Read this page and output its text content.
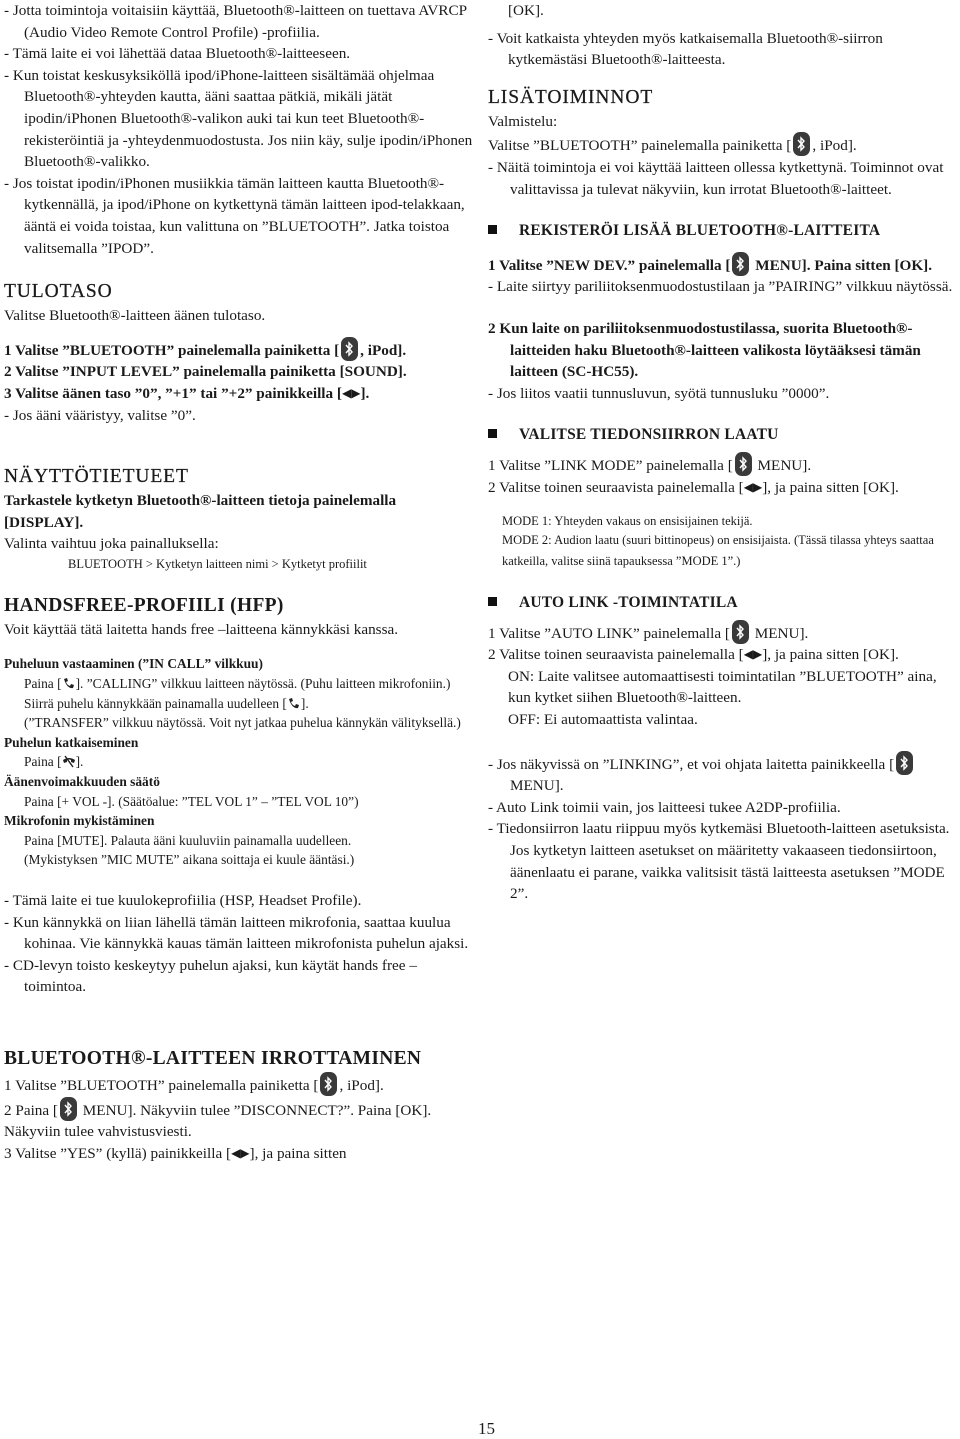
- Jotta toimintoja voitaisiin käyttää, Bluetooth®-laitteen on tuettava AVRCP (Audio Video Remote Control Profile) -profiilia.

- Tämä laite ei voi lähettää dataa Bluetooth®-laitteeseen.

- Kun toistat keskusyksiköllä ipod/iPhone-laitteen sisältämää ohjelmaa Bluetooth®-yhteyden kautta, ääni saattaa pätkiä, mikäli jätät ipodin/iPhonen Bluetooth®-valikon auki tai kun teet Bluetooth®-rekisteröintiä ja -yhteydenmuodostusta. Jos niin käy, sulje ipodin/iPhonen Bluetooth®-valikko.

- Jos toistat ipodin/iPhonen musiikkia tämän laitteen kautta Bluetooth®-kytkennällä, ja ipod/iPhone on kytkettynä tämän laitteen ipod-telakkaan, ääntä ei voida toistaa, kun valittuna on ”BLUETOOTH”. Jatka toistoa valitsemalla ”IPOD”.

TULOTASO

Valitse Bluetooth®-laitteen äänen tulotaso.

1 Valitse ”BLUETOOTH” painelemalla painiketta [ , iPod].

2 Valitse ”INPUT LEVEL” painelemalla painiketta [SOUND].

3 Valitse äänen taso ”0”, ”+1” tai ”+2” painikkeilla [◀▶].

- Jos ääni vääristyy, valitse ”0”.

NÄYTTÖTIETUEET

Tarkastele kytketyn Bluetooth®-laitteen tietoja painelemalla [DISPLAY].

Valinta vaihtuu joka painalluksella:

BLUETOOTH > Kytketyn laitteen nimi > Kytketyt profiilit

HANDSFREE-PROFIILI (HFP)

Voit käyttää tätä laitetta hands free –laitteena kännykkäsi kanssa.

Puheluun vastaaminen (”IN CALL” vilkkuu)

Paina [ ]. ”CALLING” vilkkuu laitteen näytössä. (Puhu laitteen mikrofoniin.)

Siirrä puhelu kännykkään painamalla uudelleen [ ].

(”TRANSFER” vilkkuu näytössä. Voit nyt jatkaa puhelua kännykän välityksellä.)

Puhelun katkaiseminen

Paina [ ].

Äänenvoimakkuuden säätö

Paina [+ VOL -]. (Säätöalue: ”TEL VOL 1” – ”TEL VOL 10”)

Mikrofonin mykistäminen

Paina [MUTE]. Palauta ääni kuuluviin painamalla uudelleen.

(Mykistyksen ”MIC MUTE” aikana soittaja ei kuule ääntäsi.)

- Tämä laite ei tue kuulokeprofiilia (HSP, Headset Profile).

- Kun kännykkä on liian lähellä tämän laitteen mikrofonia, saattaa kuulua kohinaa. Vie kännykkä kauas tämän laitteen mikrofonista puhelun ajaksi.

- CD-levyn toisto keskeytyy puhelun ajaksi, kun käytät hands free –toimintoa.

BLUETOOTH®-LAITTEEN IRROTTAMINEN

1 Valitse ”BLUETOOTH” painelemalla painiketta [ , iPod].

2 Paina [
MENU]. Näkyviin tulee ”DISCONNECT?”. Paina [OK].

Näkyviin tulee vahvistusviesti.

3 Valitse ”YES” (kyllä) painikkeilla [◀▶], ja paina sitten

[OK].

- Voit katkaista yhteyden myös katkaisemalla Bluetooth®-siirron kytkemästäsi Bluetooth®-laitteesta.

LISÄTOIMINNOT

Valmistelu:

Valitse ”BLUETOOTH” painelemalla painiketta [ , iPod].

- Näitä toimintoja ei voi käyttää laitteen ollessa kytkettynä. Toiminnot ovat valittavissa ja tulevat näkyviin, kun irrotat Bluetooth®-laitteet.

REKISTERÖI LISÄÄ BLUETOOTH®-LAITTEITA

1 Valitse ”NEW DEV.” painelemalla [
MENU]. Paina sitten [OK].

- Laite siirtyy pariliitoksenmuodostustilaan ja ”PAIRING” vilkkuu näytössä.

2 Kun laite on pariliitoksenmuodostustilassa, suorita Bluetooth®-laitteiden haku Bluetooth®-laitteen valikosta löytääksesi tämän laitteen (SC-HC55).

- Jos liitos vaatii tunnusluvun, syötä tunnusluku ”0000”.

VALITSE TIEDONSIIRRON LAATU

1 Valitse ”LINK MODE” painelemalla [
MENU].

2 Valitse toinen seuraavista painelemalla [◀▶], ja paina sitten [OK].

MODE 1: Yhteyden vakaus on ensisijainen tekijä.

MODE 2: Audion laatu (suuri bittinopeus) on ensisijaista. (Tässä tilassa yhteys saattaa katkeilla, valitse siinä tapauksessa ”MODE 1”.)

AUTO LINK -TOIMINTATILA

1 Valitse ”AUTO LINK” painelemalla [
MENU].

2 Valitse toinen seuraavista painelemalla [◀▶], ja paina sitten [OK].

ON: Laite valitsee automaattisesti toimintatilan ”BLUETOOTH” aina, kun kytket siihen Bluetooth®-laitteen.

OFF: Ei automaattista valintaa.

- Jos näkyvissä on ”LINKING”, et voi ohjata laitetta painikkeella [
MENU].

- Auto Link toimii vain, jos laitteesi tukee A2DP-profiilia.

- Tiedonsiirron laatu riippuu myös kytkemäsi Bluetooth-laitteen asetuksista. Jos kytketyn laitteen asetukset on määritetty vakaaseen tiedonsiirtoon, äänenlaatu ei parane, vaikka valitsisit tästä laitteesta asetuksen ”MODE 2”.

15
